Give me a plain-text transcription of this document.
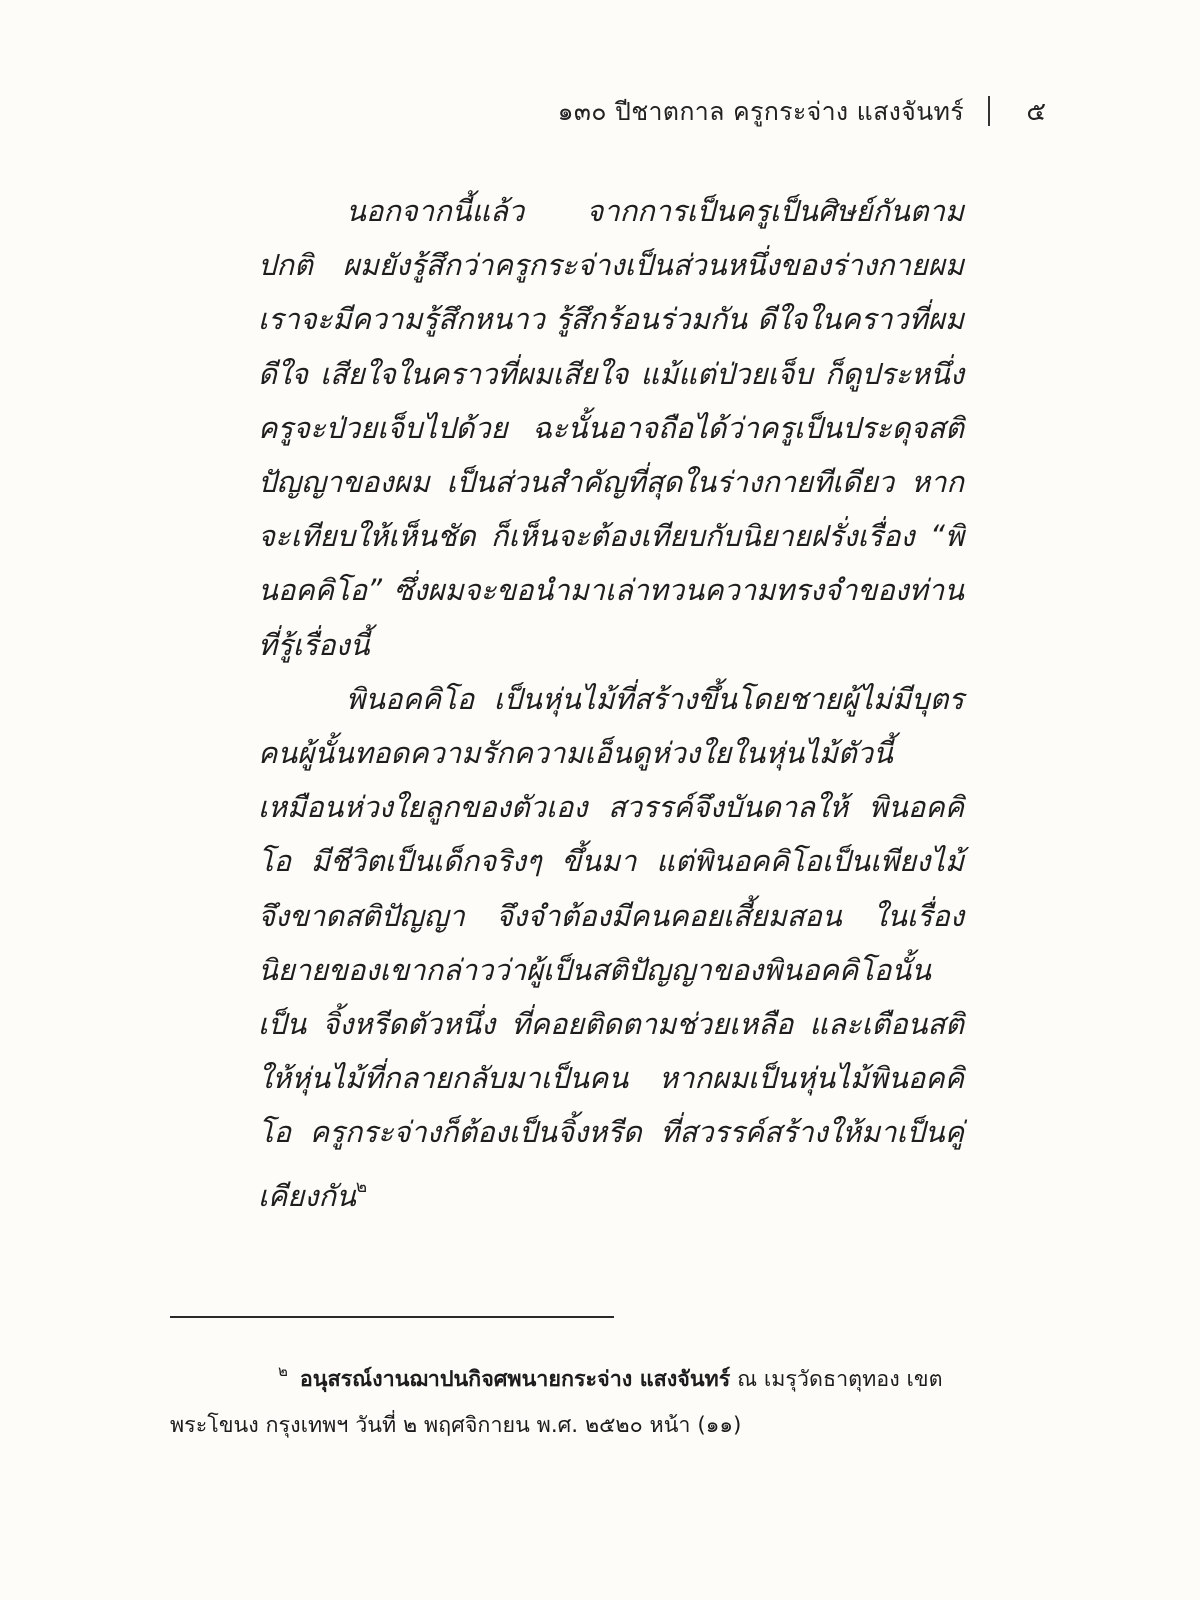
๑๓๐ ปีชาตกาล ครูกระจ่าง แสงจันทร์ ๕

นอกจากนี้แล้ว จากการเป็นครูเป็นศิษย์กันตามปกติ ผมยังรู้สึกว่าครูกระจ่างเป็นส่วนหนึ่งของร่างกายผม เราจะมีความรู้สึกหนาว รู้สึกร้อนร่วมกัน ดีใจในคราวที่ผมดีใจ เสียใจในคราวที่ผมเสียใจ แม้แต่ป่วยเจ็บ ก็ดูประหนึ่งครูจะป่วยเจ็บไปด้วย ฉะนั้นอาจถือได้ว่าครูเป็นประดุจสติปัญญาของผม เป็นส่วนสำคัญที่สุดในร่างกายทีเดียว หากจะเทียบให้เห็นชัด ก็เห็นจะต้องเทียบกับนิยายฝรั่งเรื่อง “พินอคคิโอ” ซึ่งผมจะขอนำมาเล่าทวนความทรงจำของท่านที่รู้เรื่องนี้

พินอคคิโอ เป็นหุ่นไม้ที่สร้างขึ้นโดยชายผู้ไม่มีบุตร คนผู้นั้นทอดความรักความเอ็นดูห่วงใยในหุ่นไม้ตัวนี้เหมือนห่วงใยลูกของตัวเอง สวรรค์จึงบันดาลให้ พินอคคิโอ มีชีวิตเป็นเด็กจริงๆ ขึ้นมา แต่พินอคคิโอเป็นเพียงไม้ จึงขาดสติปัญญา จึงจำต้องมีคนคอยเสี้ยมสอน ในเรื่องนิยายของเขากล่าวว่าผู้เป็นสติปัญญาของพินอคคิโอนั้นเป็น จิ้งหรีดตัวหนึ่ง ที่คอยติดตามช่วยเหลือ และเตือนสติให้หุ่นไม้ที่กลายกลับมาเป็นคน หากผมเป็นหุ่นไม้พินอคคิโอ ครูกระจ่างก็ต้องเป็นจิ้งหรีด ที่สวรรค์สร้างให้มาเป็นคู่เคียงกัน$^๒$

๒ อนุสรณ์งานฌาปนกิจศพนายกระจ่าง แสงจันทร์ ณ เมรุวัดธาตุทอง เขตพระโขนง กรุงเทพฯ วันที่ ๒ พฤศจิกายน พ.ศ. ๒๕๒๐ หน้า (๑๑)
